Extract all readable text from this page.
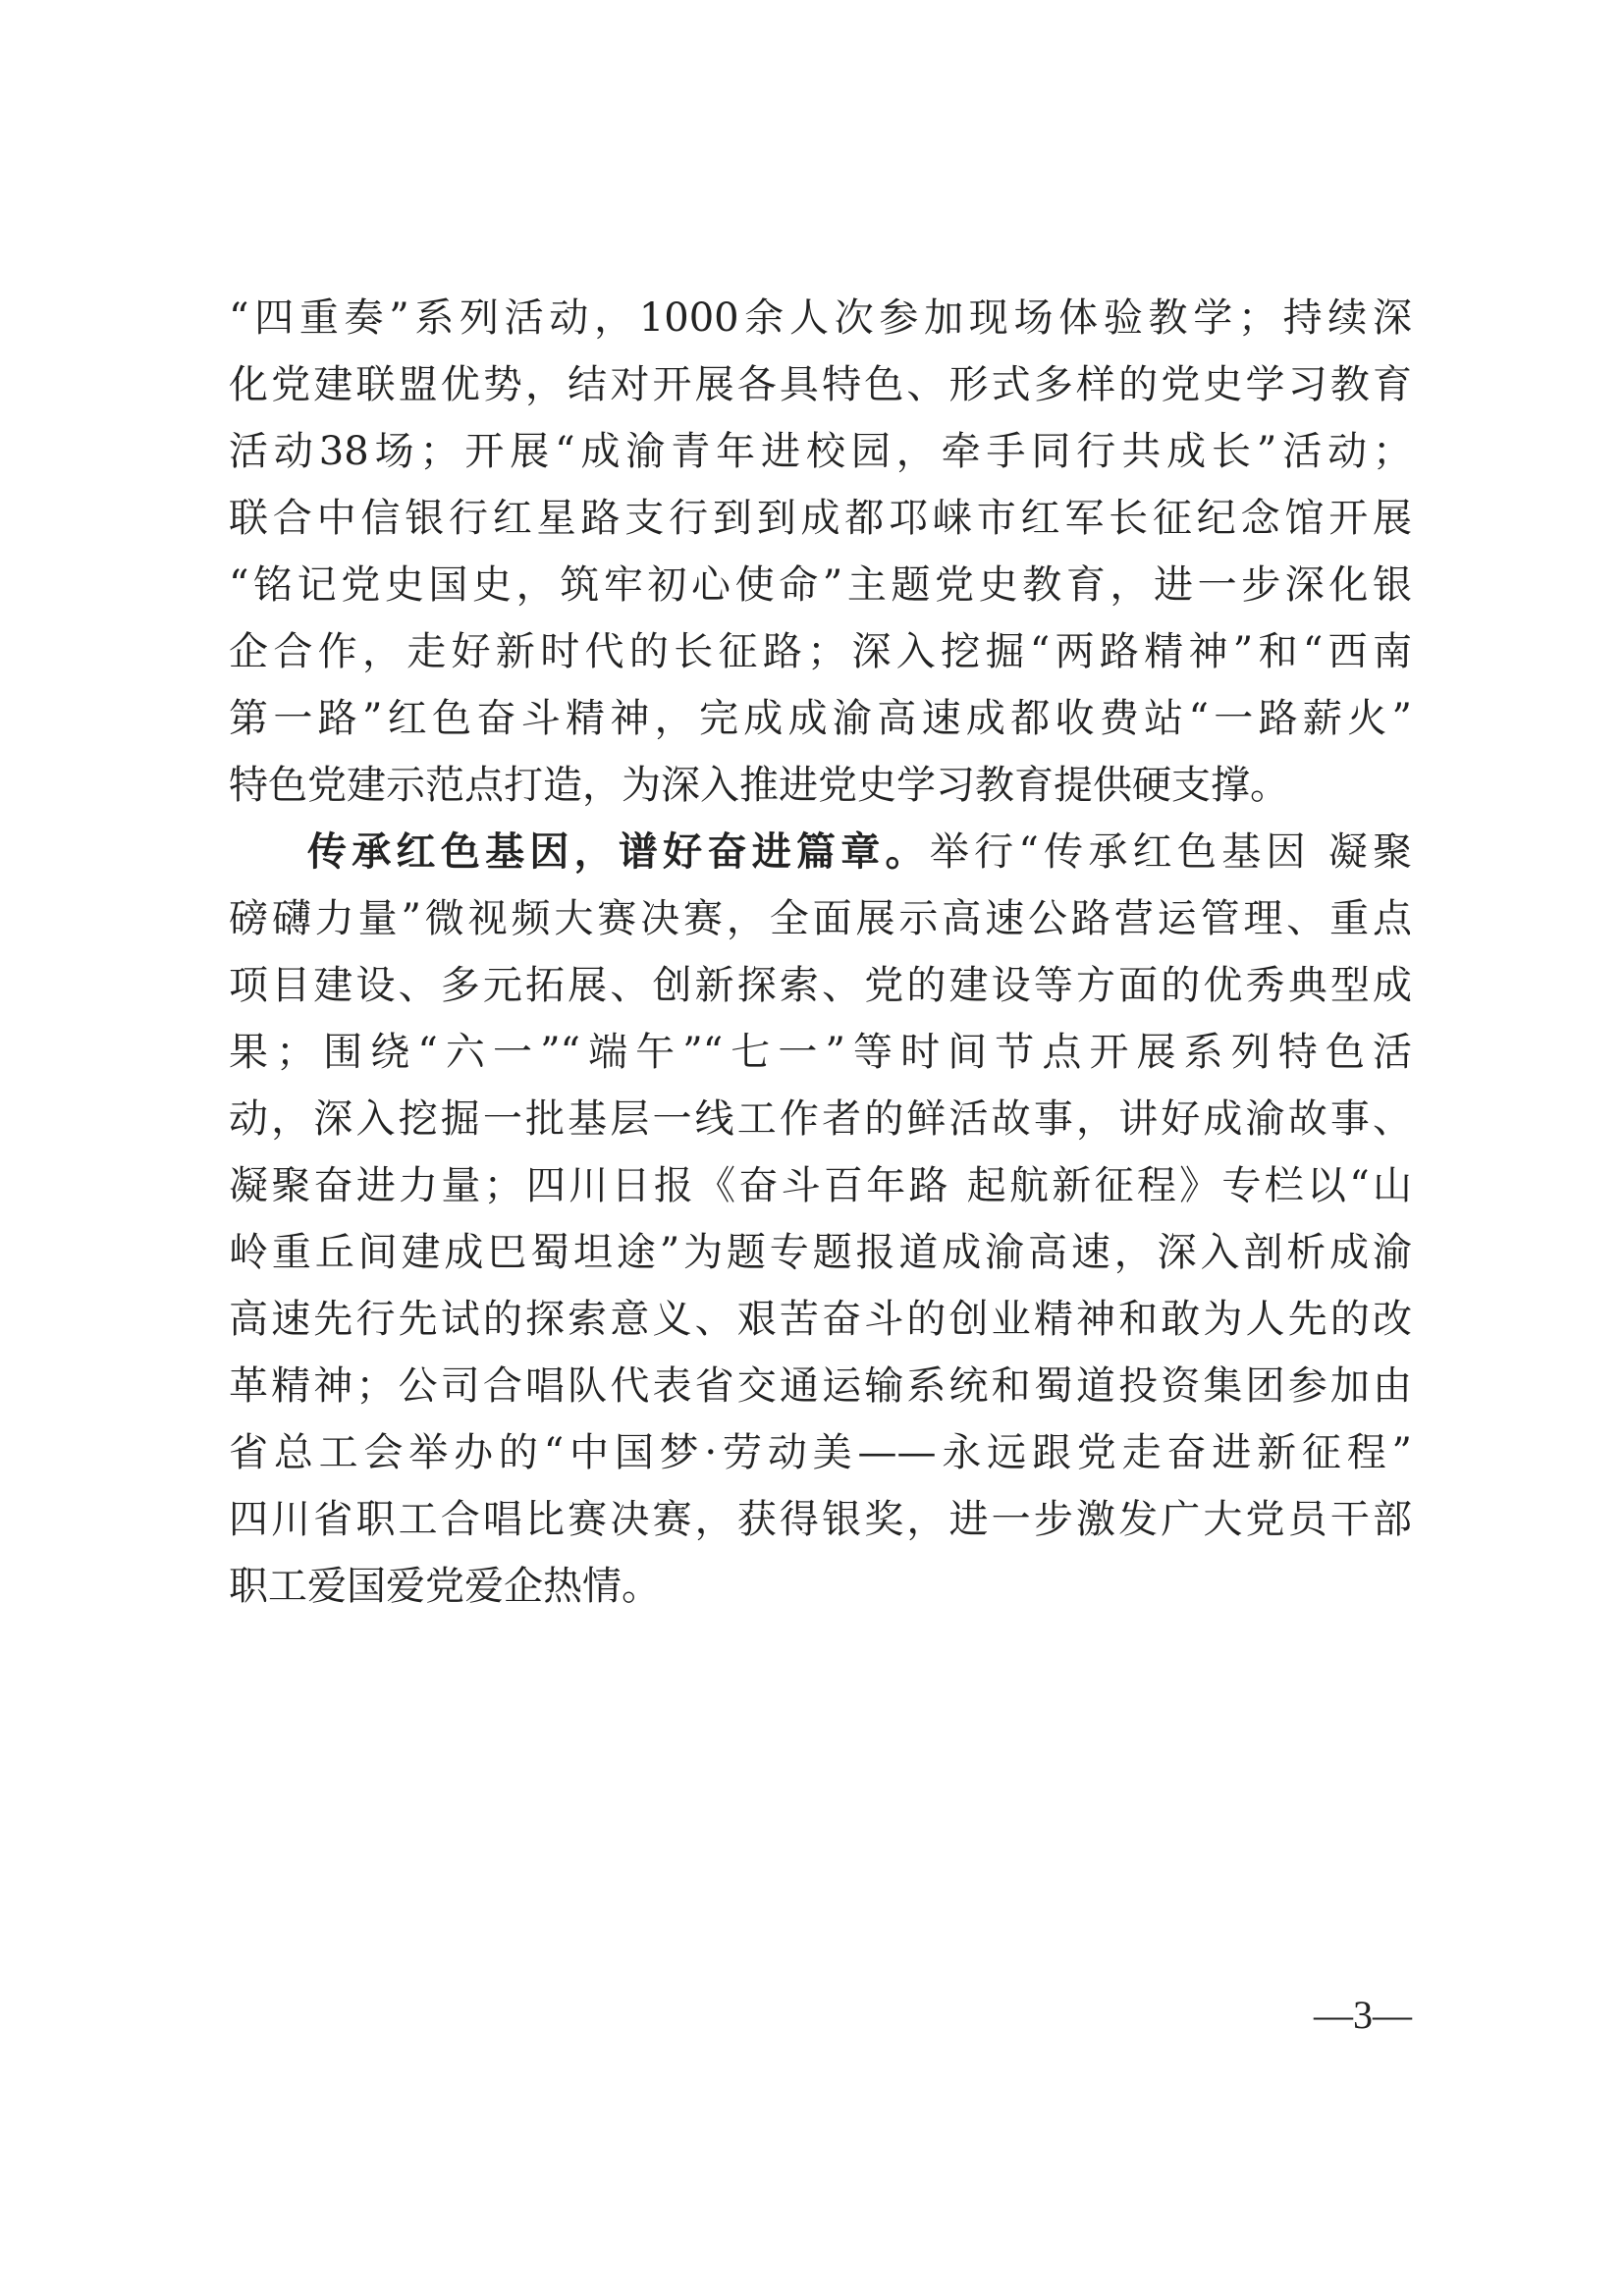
“四重奏”系列活动，1000余人次参加现场体验教学；持续深
化党建联盟优势，结对开展各具特色、形式多样的党史学习教育
活动38场；开展“成渝青年进校园，牵手同行共成长”活动；
联合中信银行红星路支行到到成都邛崃市红军长征纪念馆开展
“铭记党史国史，筑牢初心使命”主题党史教育，进一步深化银
企合作，走好新时代的长征路；深入挖掘“两路精神”和“西南
第一路”红色奋斗精神，完成成渝高速成都收费站“一路薪火”
特色党建示范点打造，为深入推进党史学习教育提供硬支撑。
传承红色基因，谱好奋进篇章。举行“传承红色基因 凝聚
磅礴力量”微视频大赛决赛，全面展示高速公路营运管理、重点
项目建设、多元拓展、创新探索、党的建设等方面的优秀典型成
果；围绕“六一”“端午”“七一”等时间节点开展系列特色活
动，深入挖掘一批基层一线工作者的鲜活故事，讲好成渝故事、
凝聚奋进力量；四川日报《奋斗百年路 起航新征程》专栏以“山
岭重丘间建成巴蜀坦途”为题专题报道成渝高速，深入剖析成渝
高速先行先试的探索意义、艰苦奋斗的创业精神和敢为人先的改
革精神；公司合唱队代表省交通运输系统和蜀道投资集团参加由
省总工会举办的“中国梦·劳动美——永远跟党走奋进新征程”
四川省职工合唱比赛决赛，获得银奖，进一步激发广大党员干部
职工爱国爱党爱企热情。
—3—
